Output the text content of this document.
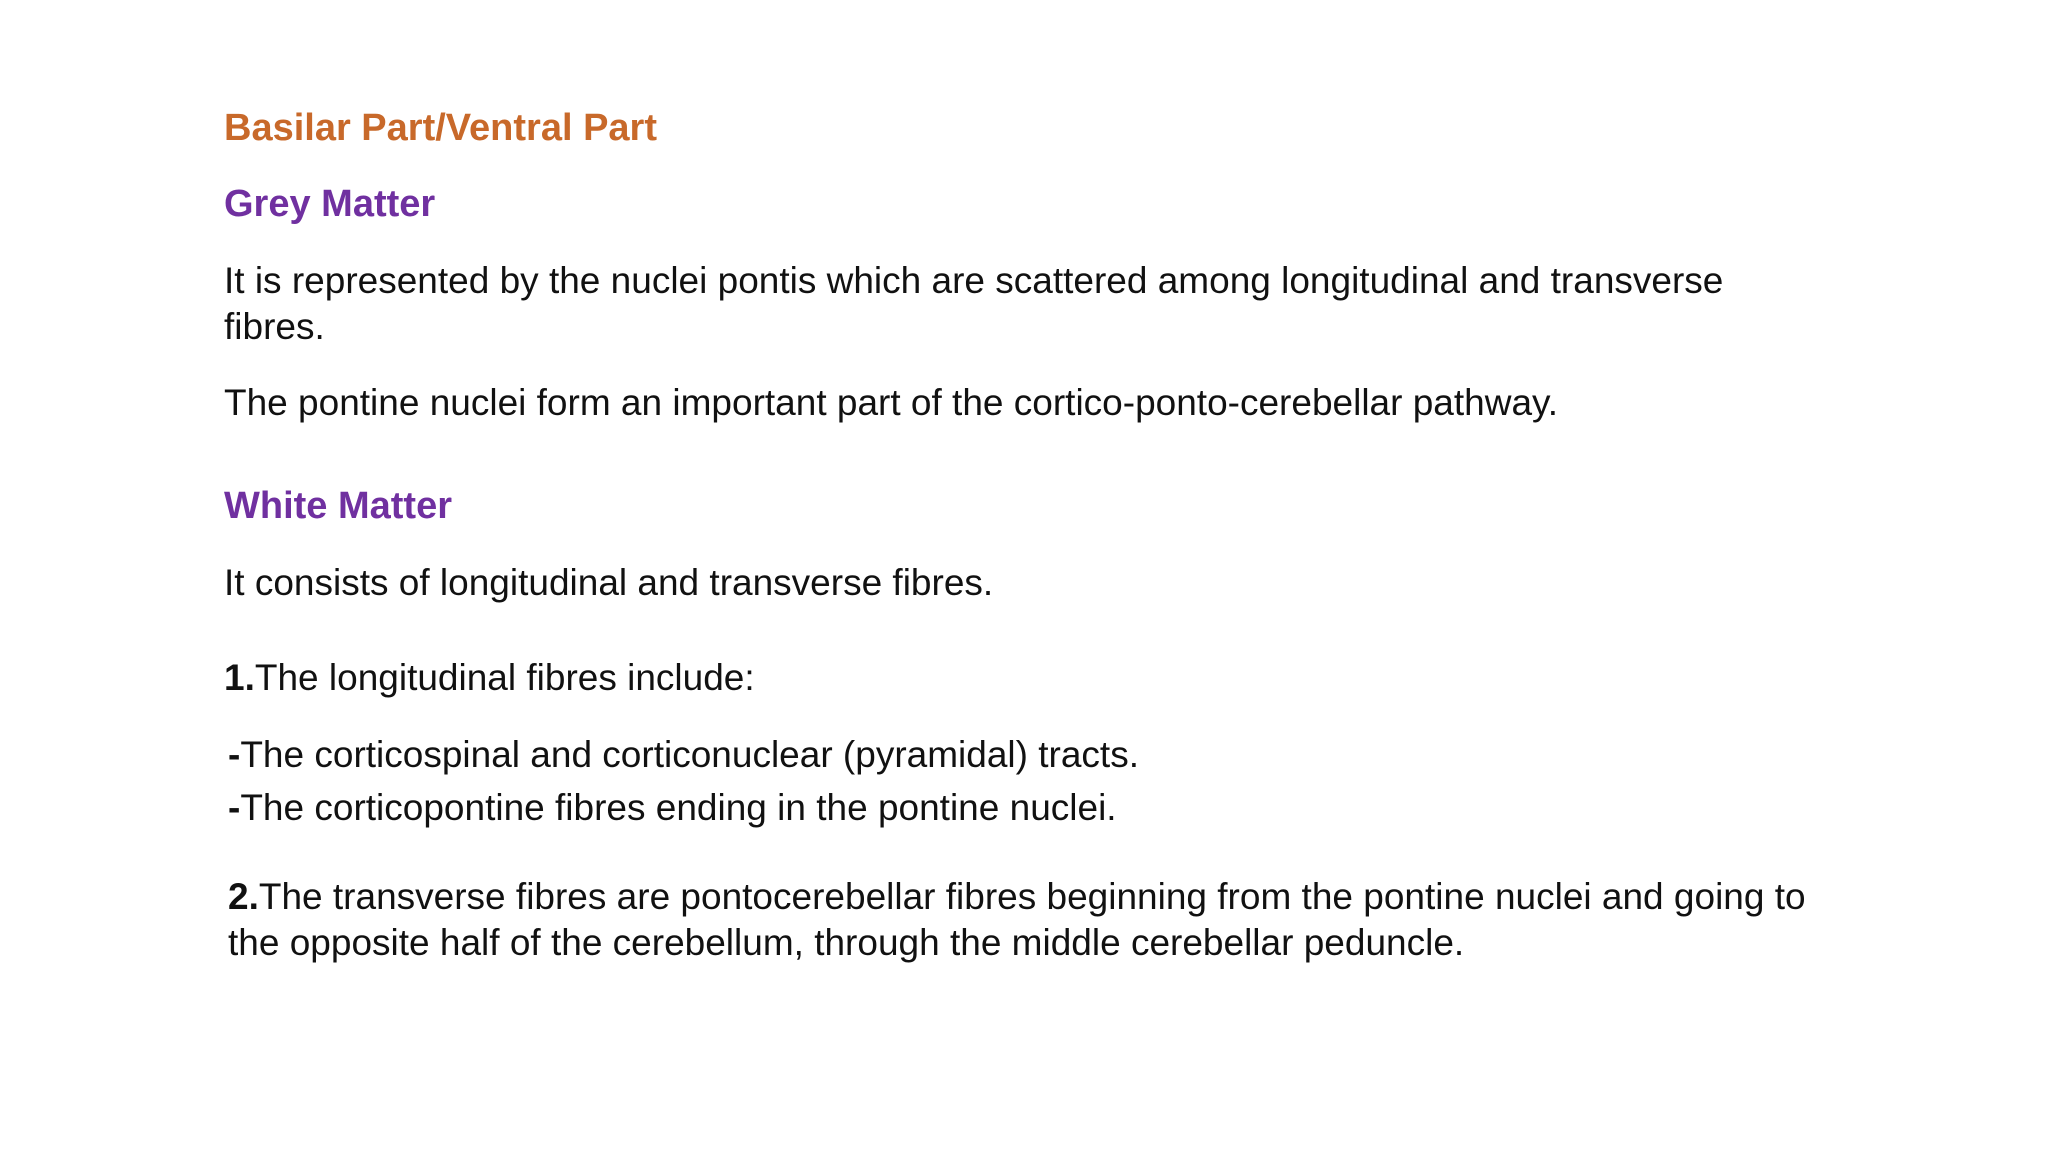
Basilar Part/Ventral Part
Grey Matter

It is represented by the nuclei pontis which are scattered among longitudinal and transverse fibres.

The pontine nuclei form an important part of the cortico-ponto-cerebellar pathway.

White Matter

It consists of longitudinal and transverse fibres.

1.The longitudinal fibres include:

-The corticospinal and corticonuclear (pyramidal) tracts.

-The corticopontine fibres ending in the pontine nuclei.

2.The transverse fibres are pontocerebellar fibres beginning from the pontine nuclei and going to the opposite half of the cerebellum, through the middle cerebellar peduncle.
